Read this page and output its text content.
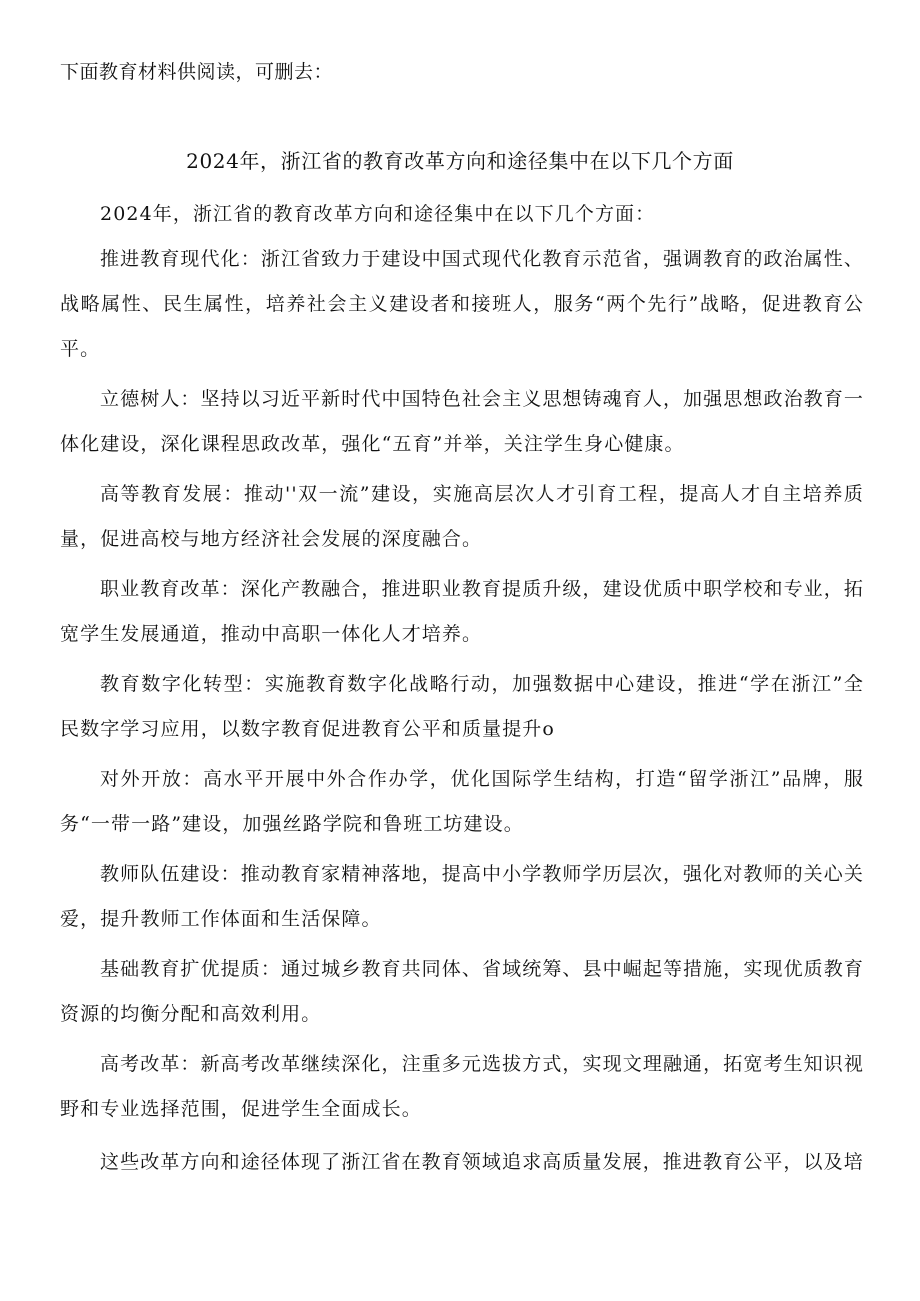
下面教育材料供阅读，可删去：
2024年，浙江省的教育改革方向和途径集中在以下几个方面

2024年，浙江省的教育改革方向和途径集中在以下几个方面：

推进教育现代化：浙江省致力于建设中国式现代化教育示范省，强调教育的政治属性、战略属性、民生属性，培养社会主义建设者和接班人，服务“两个先行”战略，促进教育公平。

立德树人：坚持以习近平新时代中国特色社会主义思想铸魂育人，加强思想政治教育一体化建设，深化课程思政改革，强化“五育”并举，关注学生身心健康。

高等教育发展：推动''双一流”建设，实施高层次人才引育工程，提高人才自主培养质量，促进高校与地方经济社会发展的深度融合。

职业教育改革：深化产教融合，推进职业教育提质升级，建设优质中职学校和专业，拓宽学生发展通道，推动中高职一体化人才培养。

教育数字化转型：实施教育数字化战略行动，加强数据中心建设，推进“学在浙江”全民数字学习应用，以数字教育促进教育公平和质量提升o

对外开放：高水平开展中外合作办学，优化国际学生结构，打造“留学浙江”品牌，服务“一带一路”建设，加强丝路学院和鲁班工坊建设。

教师队伍建设：推动教育家精神落地，提高中小学教师学历层次，强化对教师的关心关爱，提升教师工作体面和生活保障。

基础教育扩优提质：通过城乡教育共同体、省域统筹、县中崛起等措施，实现优质教育资源的均衡分配和高效利用。

高考改革：新高考改革继续深化，注重多元选拔方式，实现文理融通，拓宽考生知识视野和专业选择范围，促进学生全面成长。

这些改革方向和途径体现了浙江省在教育领域追求高质量发展，推进教育公平，以及培
